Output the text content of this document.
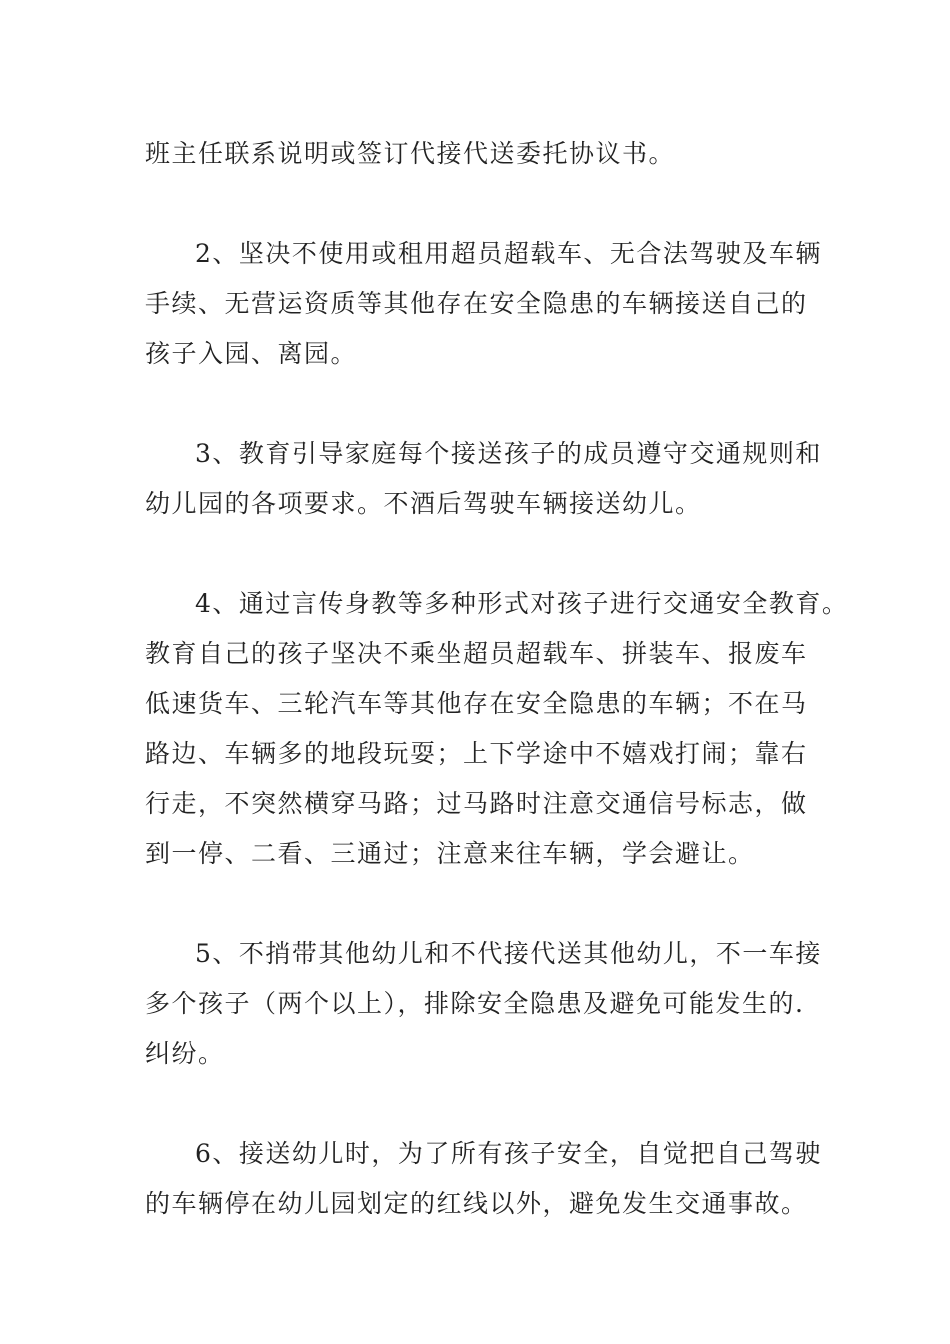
班主任联系说明或签订代接代送委托协议书。
2、坚决不使用或租用超员超载车、无合法驾驶及车辆
手续、无营运资质等其他存在安全隐患的车辆接送自己的
孩子入园、离园。
3、教育引导家庭每个接送孩子的成员遵守交通规则和
幼儿园的各项要求。不酒后驾驶车辆接送幼儿。
4、通过言传身教等多种形式对孩子进行交通安全教育。
教育自己的孩子坚决不乘坐超员超载车、拼装车、报废车
低速货车、三轮汽车等其他存在安全隐患的车辆；不在马
路边、车辆多的地段玩耍；上下学途中不嬉戏打闹；靠右
行走，不突然横穿马路；过马路时注意交通信号标志，做
到一停、二看、三通过；注意来往车辆，学会避让。
5、不捎带其他幼儿和不代接代送其他幼儿，不一车接
多个孩子（两个以上），排除安全隐患及避免可能发生的.
纠纷。
6、接送幼儿时，为了所有孩子安全，自觉把自己驾驶
的车辆停在幼儿园划定的红线以外，避免发生交通事故。
